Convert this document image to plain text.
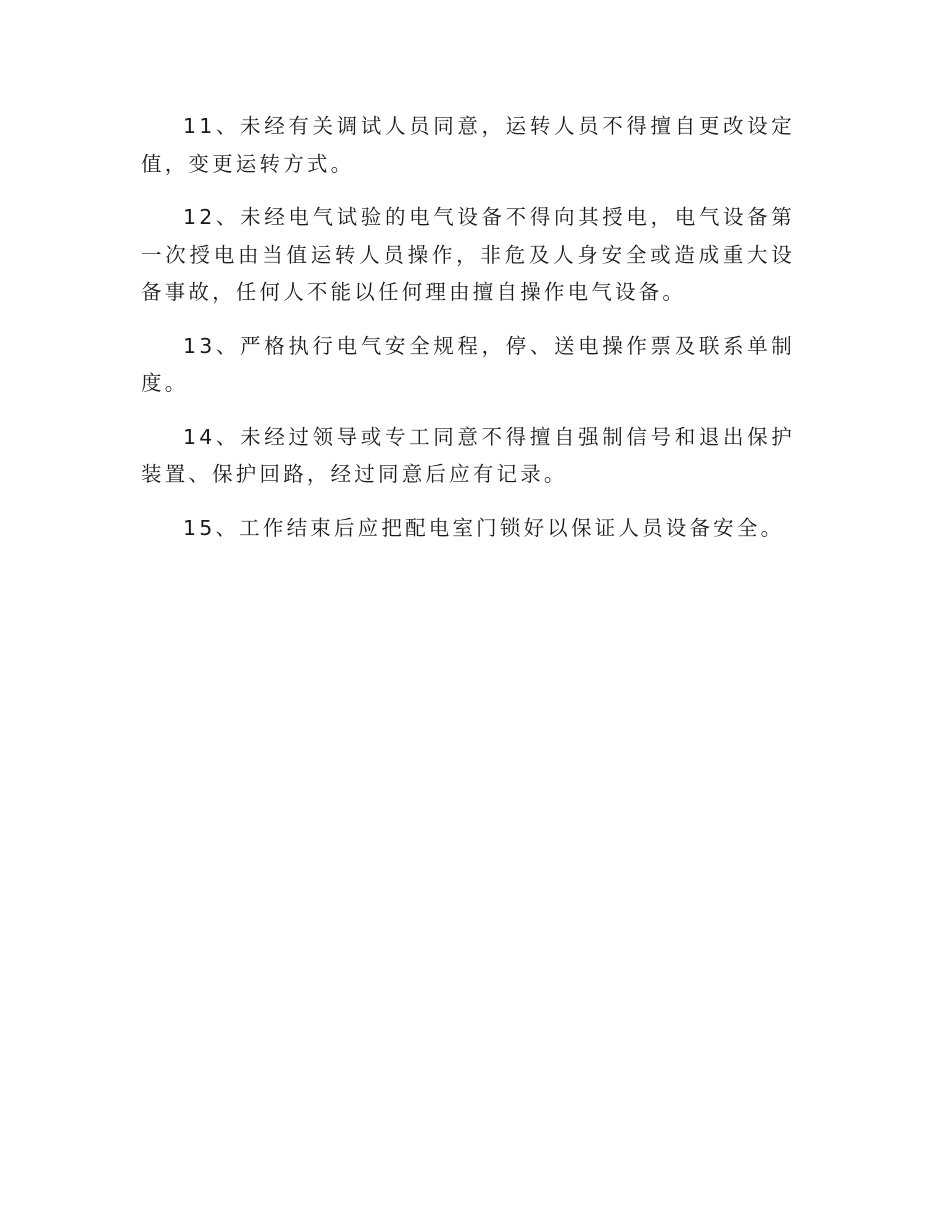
11、未经有关调试人员同意，运转人员不得擅自更改设定值，变更运转方式。

12、未经电气试验的电气设备不得向其授电，电气设备第一次授电由当值运转人员操作，非危及人身安全或造成重大设备事故，任何人不能以任何理由擅自操作电气设备。

13、严格执行电气安全规程，停、送电操作票及联系单制度。

14、未经过领导或专工同意不得擅自强制信号和退出保护装置、保护回路，经过同意后应有记录。

15、工作结束后应把配电室门锁好以保证人员设备安全。
